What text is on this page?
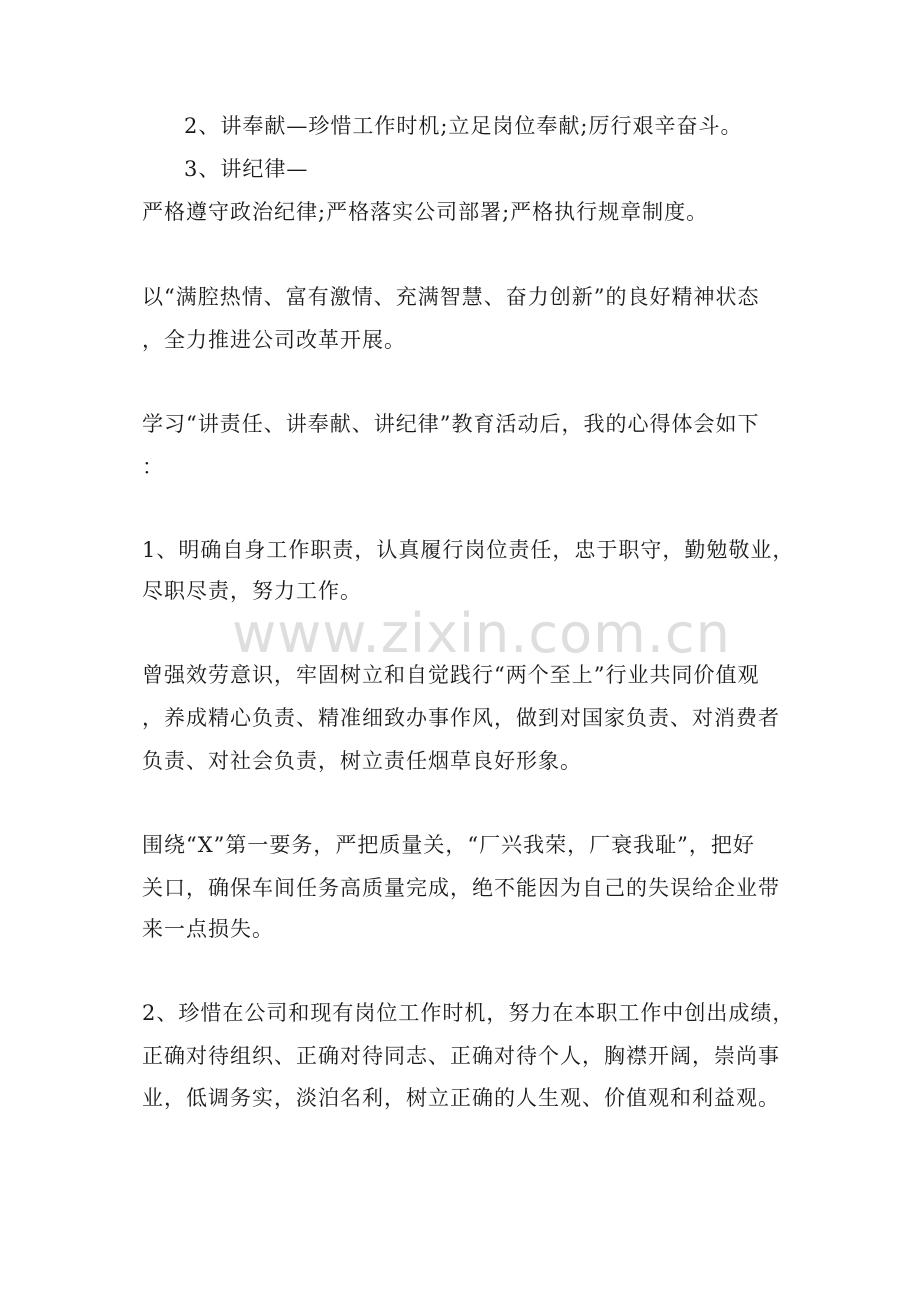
2、讲奉献—珍惜工作时机;立足岗位奉献;厉行艰辛奋斗。
3、讲纪律—
严格遵守政治纪律;严格落实公司部署;严格执行规章制度。
以“满腔热情、富有激情、充满智慧、奋力创新”的良好精神状态
，全力推进公司改革开展。
学习“讲责任、讲奉献、讲纪律”教育活动后，我的心得体会如下
：
1、明确自身工作职责，认真履行岗位责任，忠于职守，勤勉敬业，
尽职尽责，努力工作。
www.zixin.com.cn
曾强效劳意识，牢固树立和自觉践行“两个至上”行业共同价值观
，养成精心负责、精准细致办事作风，做到对国家负责、对消费者
负责、对社会负责，树立责任烟草良好形象。
围绕“X”第一要务，严把质量关，“厂兴我荣，厂衰我耻”，把好
关口，确保车间任务高质量完成，绝不能因为自己的失误给企业带
来一点损失。
2、珍惜在公司和现有岗位工作时机，努力在本职工作中创出成绩，
正确对待组织、正确对待同志、正确对待个人，胸襟开阔，崇尚事
业，低调务实，淡泊名利，树立正确的人生观、价值观和利益观。
